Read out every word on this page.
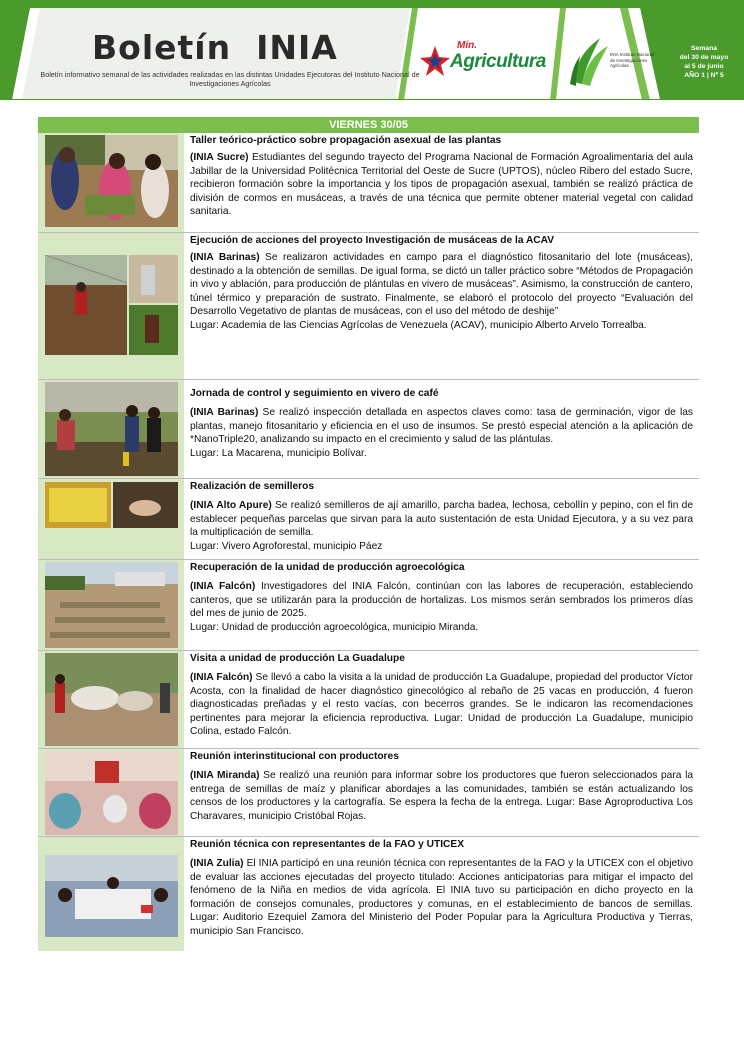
Boletín  INIA
Boletín informativo semanal de las actividades realizadas en las distintas Unidades Ejecutoras del Instituto Nacional de Investigaciones Agrícolas
Min.
Agricultura	INIA Instituto Nacional de Investigaciones Agrícolas
Semana
del 30 de mayo
al 5 de junio
AÑO 1 | Nº 5
VIERNES 30/05

Taller teórico-práctico sobre propagación asexual de las plantas

(INIA Sucre) Estudiantes del segundo trayecto del Programa Nacional de Formación Agroalimentaria del aula Jabillar de la Universidad Politécnica Territorial del Oeste de Sucre (UPTOS), núcleo Ribero del estado Sucre, recibieron formación sobre la importancia y los tipos de propagación asexual, también se realizó práctica de división de cormos en musáceas, a través de una técnica que permite obtener material vegetal con calidad sanitaria.

Ejecución de acciones del proyecto Investigación de musáceas de la ACAV

(INIA Barinas) Se realizaron actividades en campo para el diagnóstico fitosanitario del lote (musáceas), destinado a la obtención de semillas. De igual forma, se dictó un taller práctico sobre “Métodos de Propagación in vivo y ablación, para producción de plántulas en vivero de musáceas”. Asimismo, la construcción de cantero, túnel térmico y preparación de sustrato. Finalmente, se elaboró el protocolo del proyecto “Evaluación del Desarrollo Vegetativo de plantas de musáceas, con el uso del método de deshije”

Lugar: Academia de las Ciencias Agrícolas de Venezuela (ACAV), municipio Alberto Arvelo Torrealba.

Jornada de control y seguimiento en vivero de café

(INIA Barinas) Se realizó inspección detallada en aspectos claves como: tasa de germinación, vigor de las plantas, manejo fitosanitario y eficiencia en el uso de insumos. Se prestó especial atención a la aplicación de *NanoTriple20, analizando su impacto en el crecimiento y salud de las plántulas.

Lugar: La Macarena, municipio Bolívar.

Realización de semilleros

(INIA Alto Apure) Se realizó semilleros de ají amarillo, parcha badea, lechosa, cebollín y pepino, con el fin de establecer pequeñas parcelas que sirvan para la auto sustentación de esta Unidad Ejecutora, y a su vez para la multiplicación de semilla.

Lugar: Vivero Agroforestal, municipio Páez

Recuperación de la unidad de producción agroecológica

(INIA Falcón) Investigadores del INIA Falcón, continúan con las labores de recuperación, estableciendo canteros, que se utilizarán para la producción de hortalizas. Los mismos serán sembrados los primeros días del mes de junio de 2025.

Lugar: Unidad de producción agroecológica, municipio Miranda.

Visita a unidad de producción La Guadalupe

(INIA Falcón) Se llevó a cabo la visita a la unidad de producción La Guadalupe, propiedad del productor Víctor Acosta, con la finalidad de hacer diagnóstico ginecológico al rebaño de 25 vacas en producción, 4 fueron diagnosticadas preñadas y el resto vacías, con becerros grandes. Se le indicaron las recomendaciones pertinentes para mejorar la eficiencia reproductiva. Lugar: Unidad de producción La Guadalupe, municipio Colina, estado Falcón.

Reunión interinstitucional con productores

(INIA Miranda) Se realizó una reunión para informar sobre los productores que fueron seleccionados para la entrega de semillas de maíz y planificar abordajes a las comunidades, también se están actualizando los censos de los productores y la cartografía. Se espera la fecha de la entrega. Lugar: Base Agroproductiva Los Charavares, municipio Cristóbal Rojas.

Reunión técnica con representantes de la FAO y UTICEX

(INIA Zulia) El INIA participó en una reunión técnica con representantes de la FAO y la UTICEX con el objetivo de evaluar las acciones ejecutadas del proyecto titulado: Acciones anticipatorias para mitigar el impacto del fenómeno de la Niña en medios de vida agrícola. El INIA tuvo su participación en dicho proyecto en la formación de consejos comunales, productores y comunas, en el establecimiento de bancos de semillas. Lugar: Auditorio Ezequiel Zamora del Ministerio del Poder Popular para la Agricultura Productiva y Tierras, municipio San Francisco.
